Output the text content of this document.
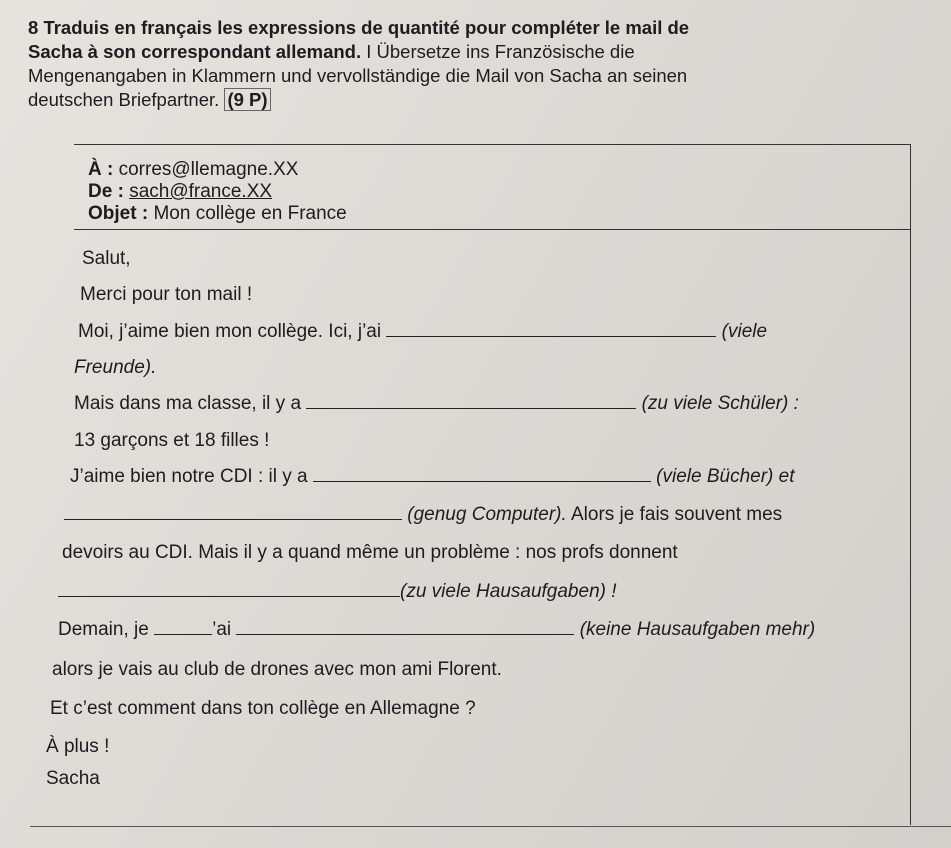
8 Traduis en français les expressions de quantité pour compléter le mail de
Sacha à son correspondant allemand. I Übersetze ins Französische die
Mengenangaben in Klammern und vervollständige die Mail von Sacha an seinen
deutschen Briefpartner. (9 P)
À : corres@llemagne.XX
De : sach@france.XX
Objet : Mon collège en France
Salut,
Merci pour ton mail !
Moi, j’aime bien mon collège. Ici, j’ai	(viele
Freunde).
Mais dans ma classe, il y a	(zu viele Schüler) :
13 garçons et 18 filles !
J’aime bien notre CDI : il y a	(viele Bücher) et
(genug Computer). Alors je fais souvent mes
devoirs au CDI. Mais il y a quand même un problème : nos profs donnent
(zu viele Hausaufgaben) !
Demain, je	’ai	(keine Hausaufgaben mehr)
alors je vais au club de drones avec mon ami Florent.
Et c’est comment dans ton collège en Allemagne ?
À plus !
Sacha
